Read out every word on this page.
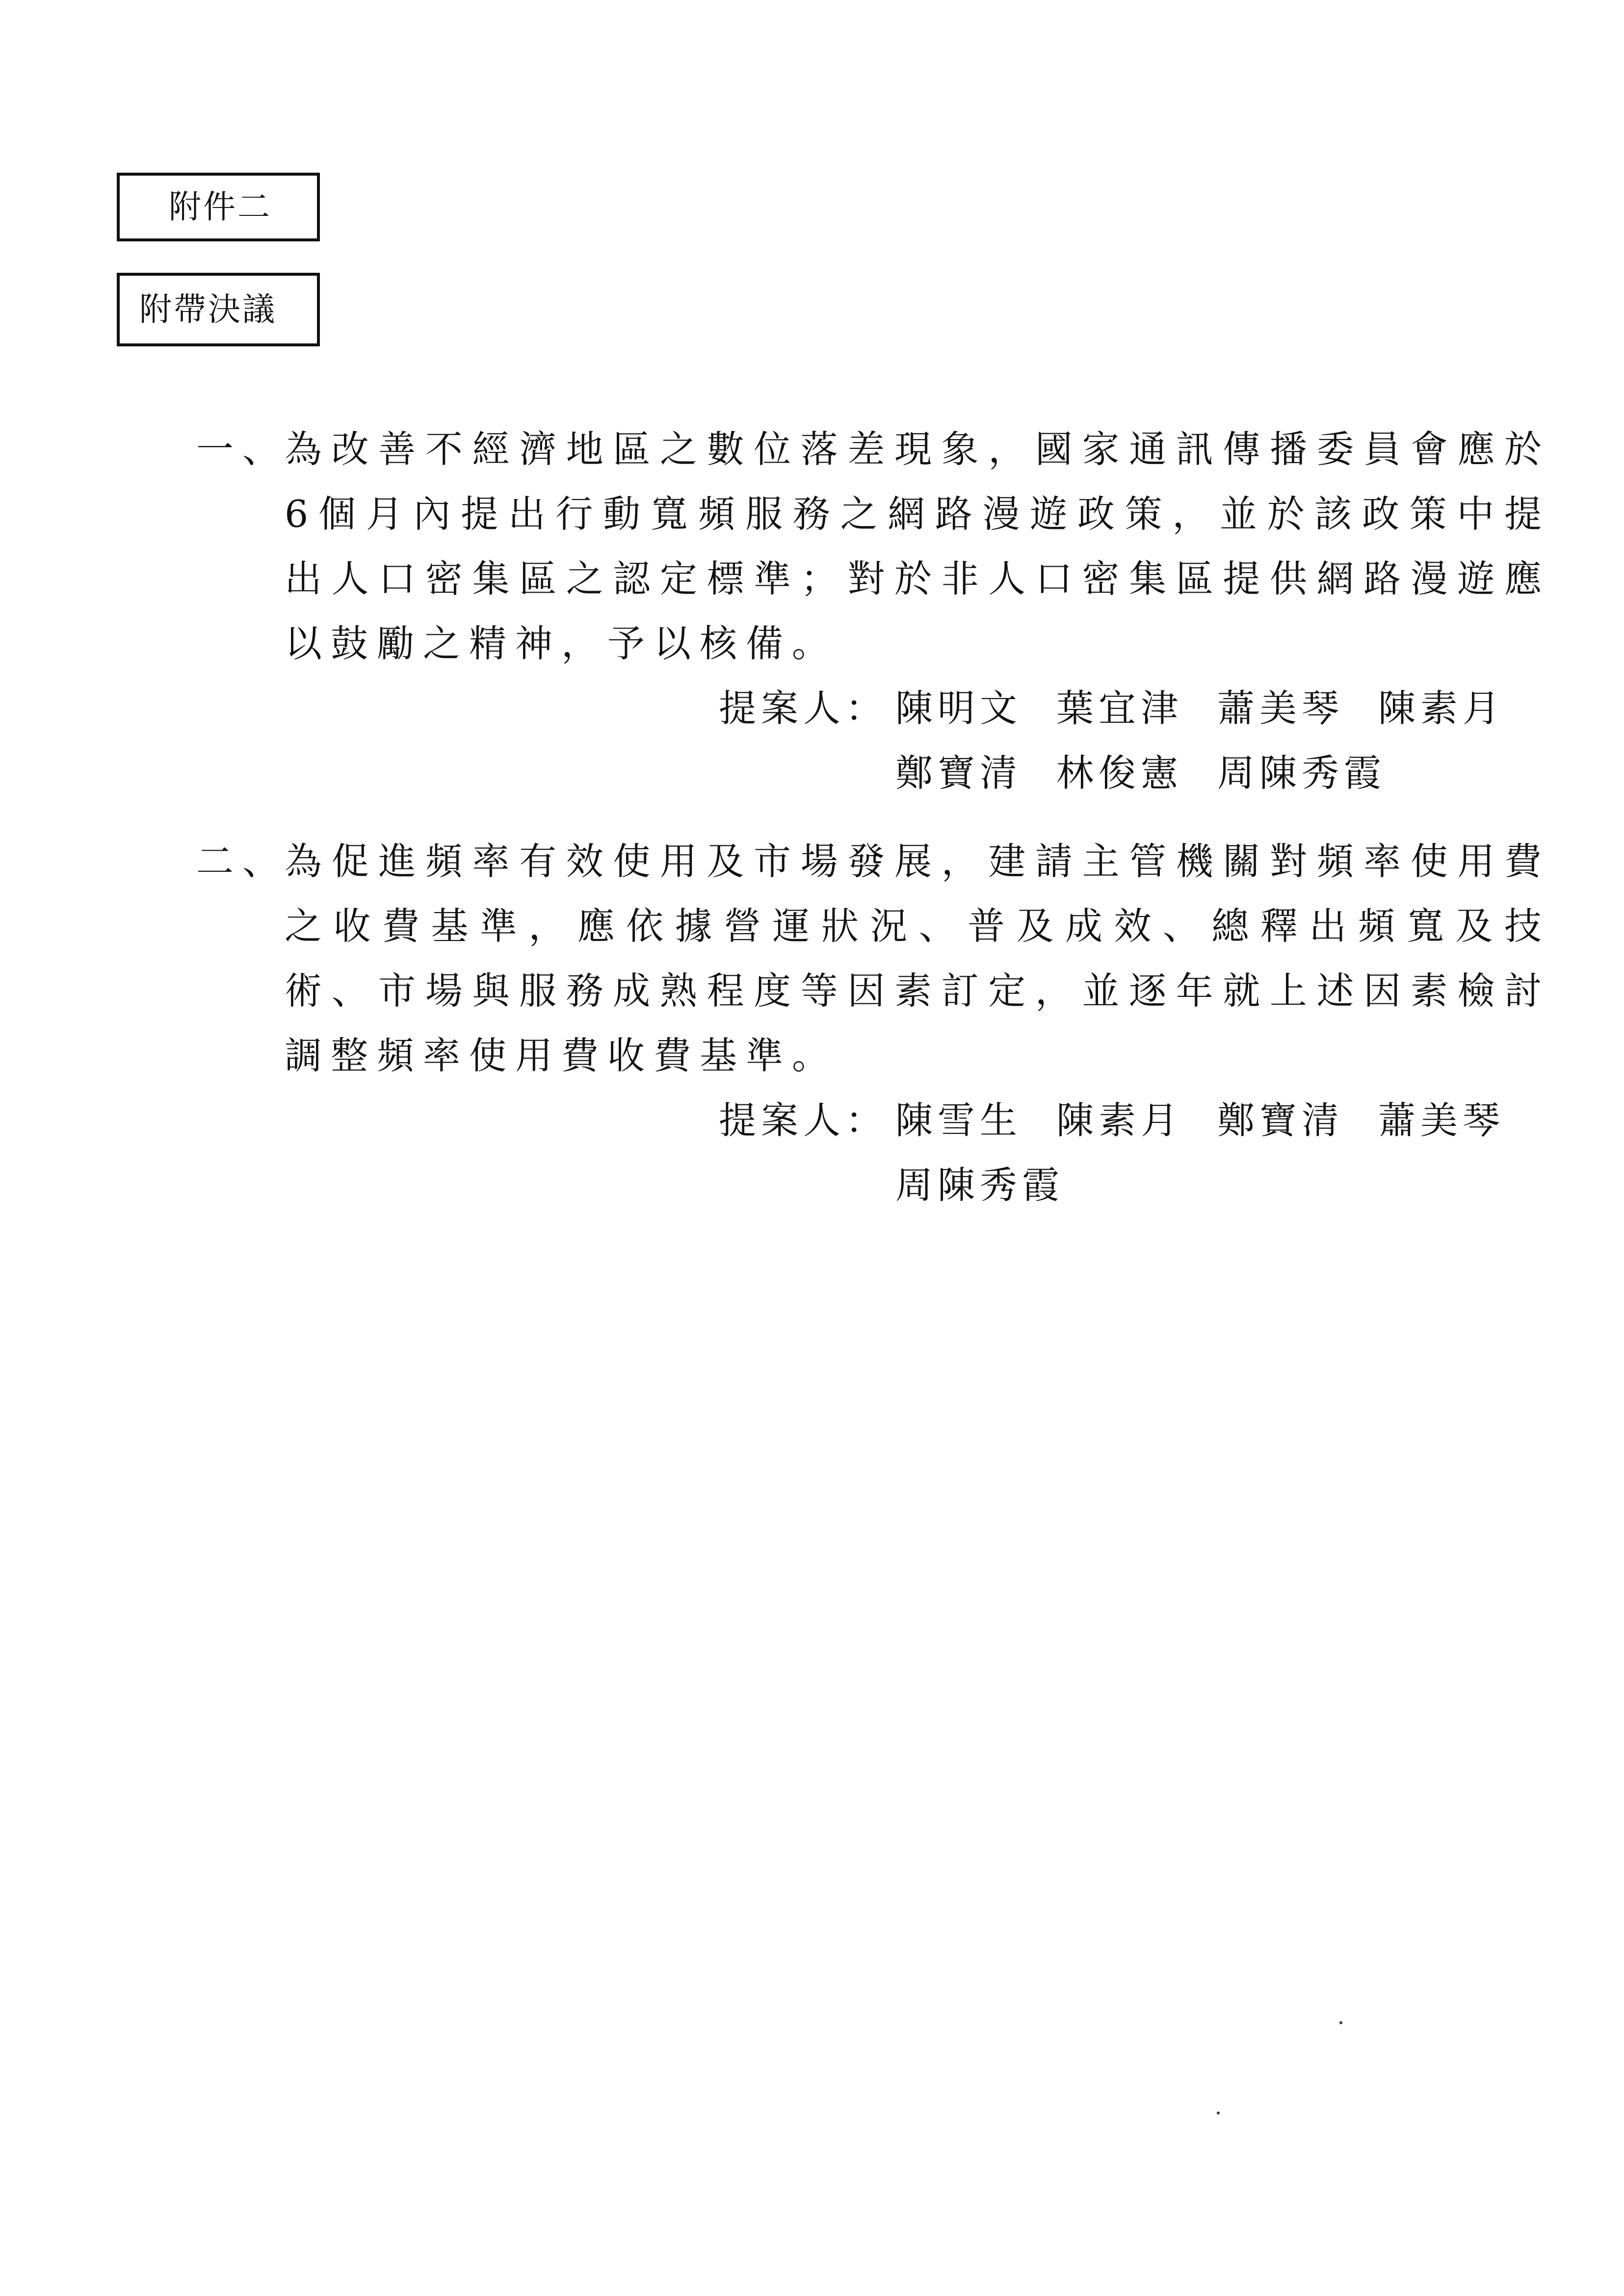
附件二
附帶決議
一、
為改善不經濟地區之數位落差現象，國家通訊傳播委員會應於6個月內提出行動寬頻服務之網路漫遊政策，並於該政策中提出人口密集區之認定標準；對於非人口密集區提供網路漫遊應以鼓勵之精神，予以核備。
提案人： 陳明文 葉宜津 蕭美琴 陳素月
鄭寶清 林俊憲 周陳秀霞
二、
為促進頻率有效使用及市場發展，建請主管機關對頻率使用費之收費基準，應依據營運狀況、普及成效、總釋出頻寬及技術、市場與服務成熟程度等因素訂定，並逐年就上述因素檢討調整頻率使用費收費基準。
提案人： 陳雪生 陳素月 鄭寶清 蕭美琴
周陳秀霞
